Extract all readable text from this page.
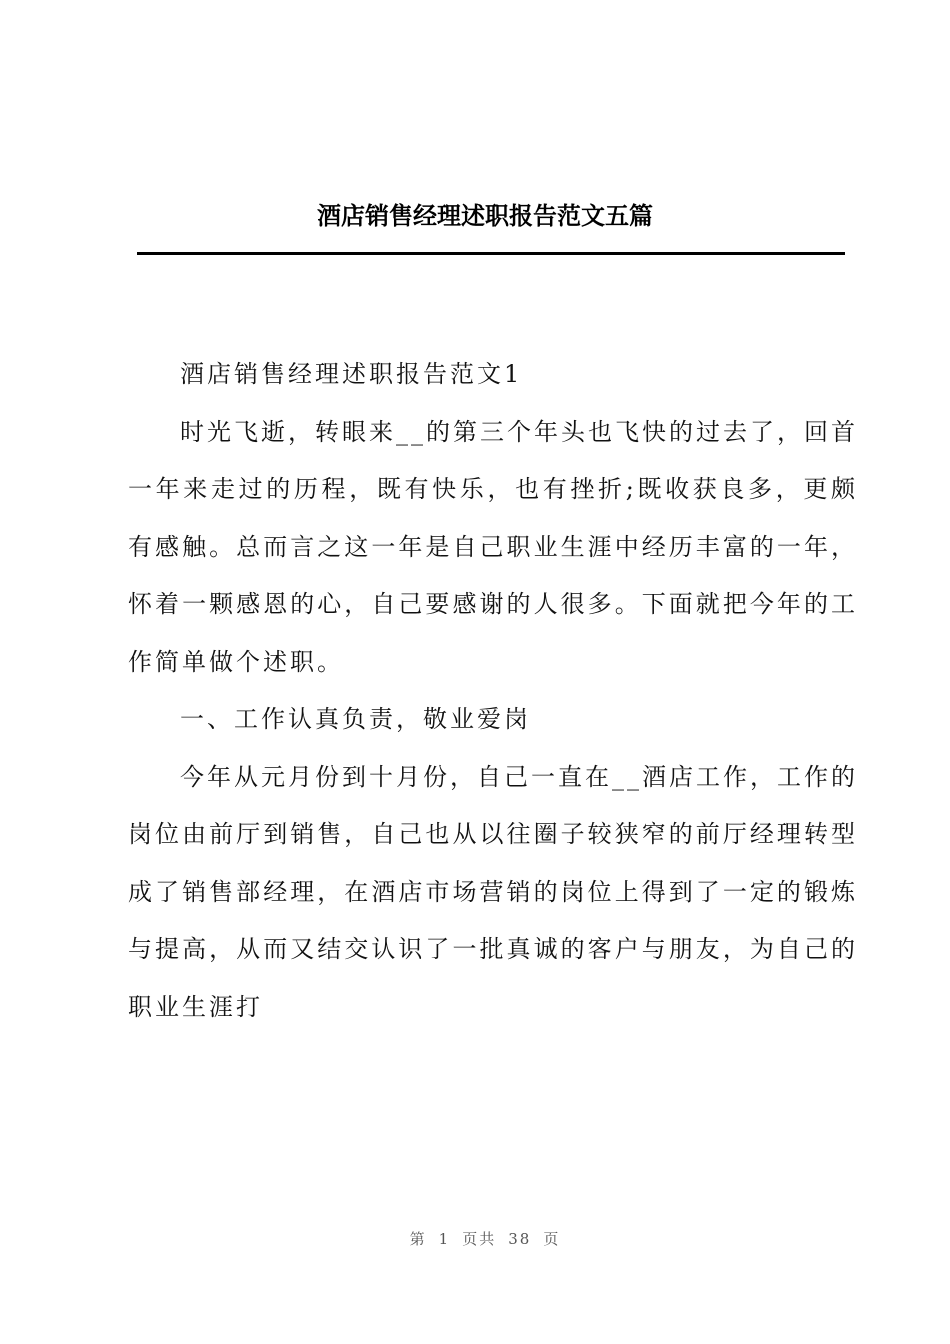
酒店销售经理述职报告范文五篇

酒店销售经理述职报告范文1

时光飞逝，转眼来__的第三个年头也飞快的过去了，回首一年来走过的历程，既有快乐，也有挫折;既收获良多，更颇有感触。总而言之这一年是自己职业生涯中经历丰富的一年，怀着一颗感恩的心，自己要感谢的人很多。下面就把今年的工作简单做个述职。

一、工作认真负责，敬业爱岗

今年从元月份到十月份，自己一直在__酒店工作，工作的岗位由前厅到销售，自己也从以往圈子较狭窄的前厅经理转型成了销售部经理，在酒店市场营销的岗位上得到了一定的锻炼与提高，从而又结交认识了一批真诚的客户与朋友，为自己的职业生涯打

第 1 页共 38 页
